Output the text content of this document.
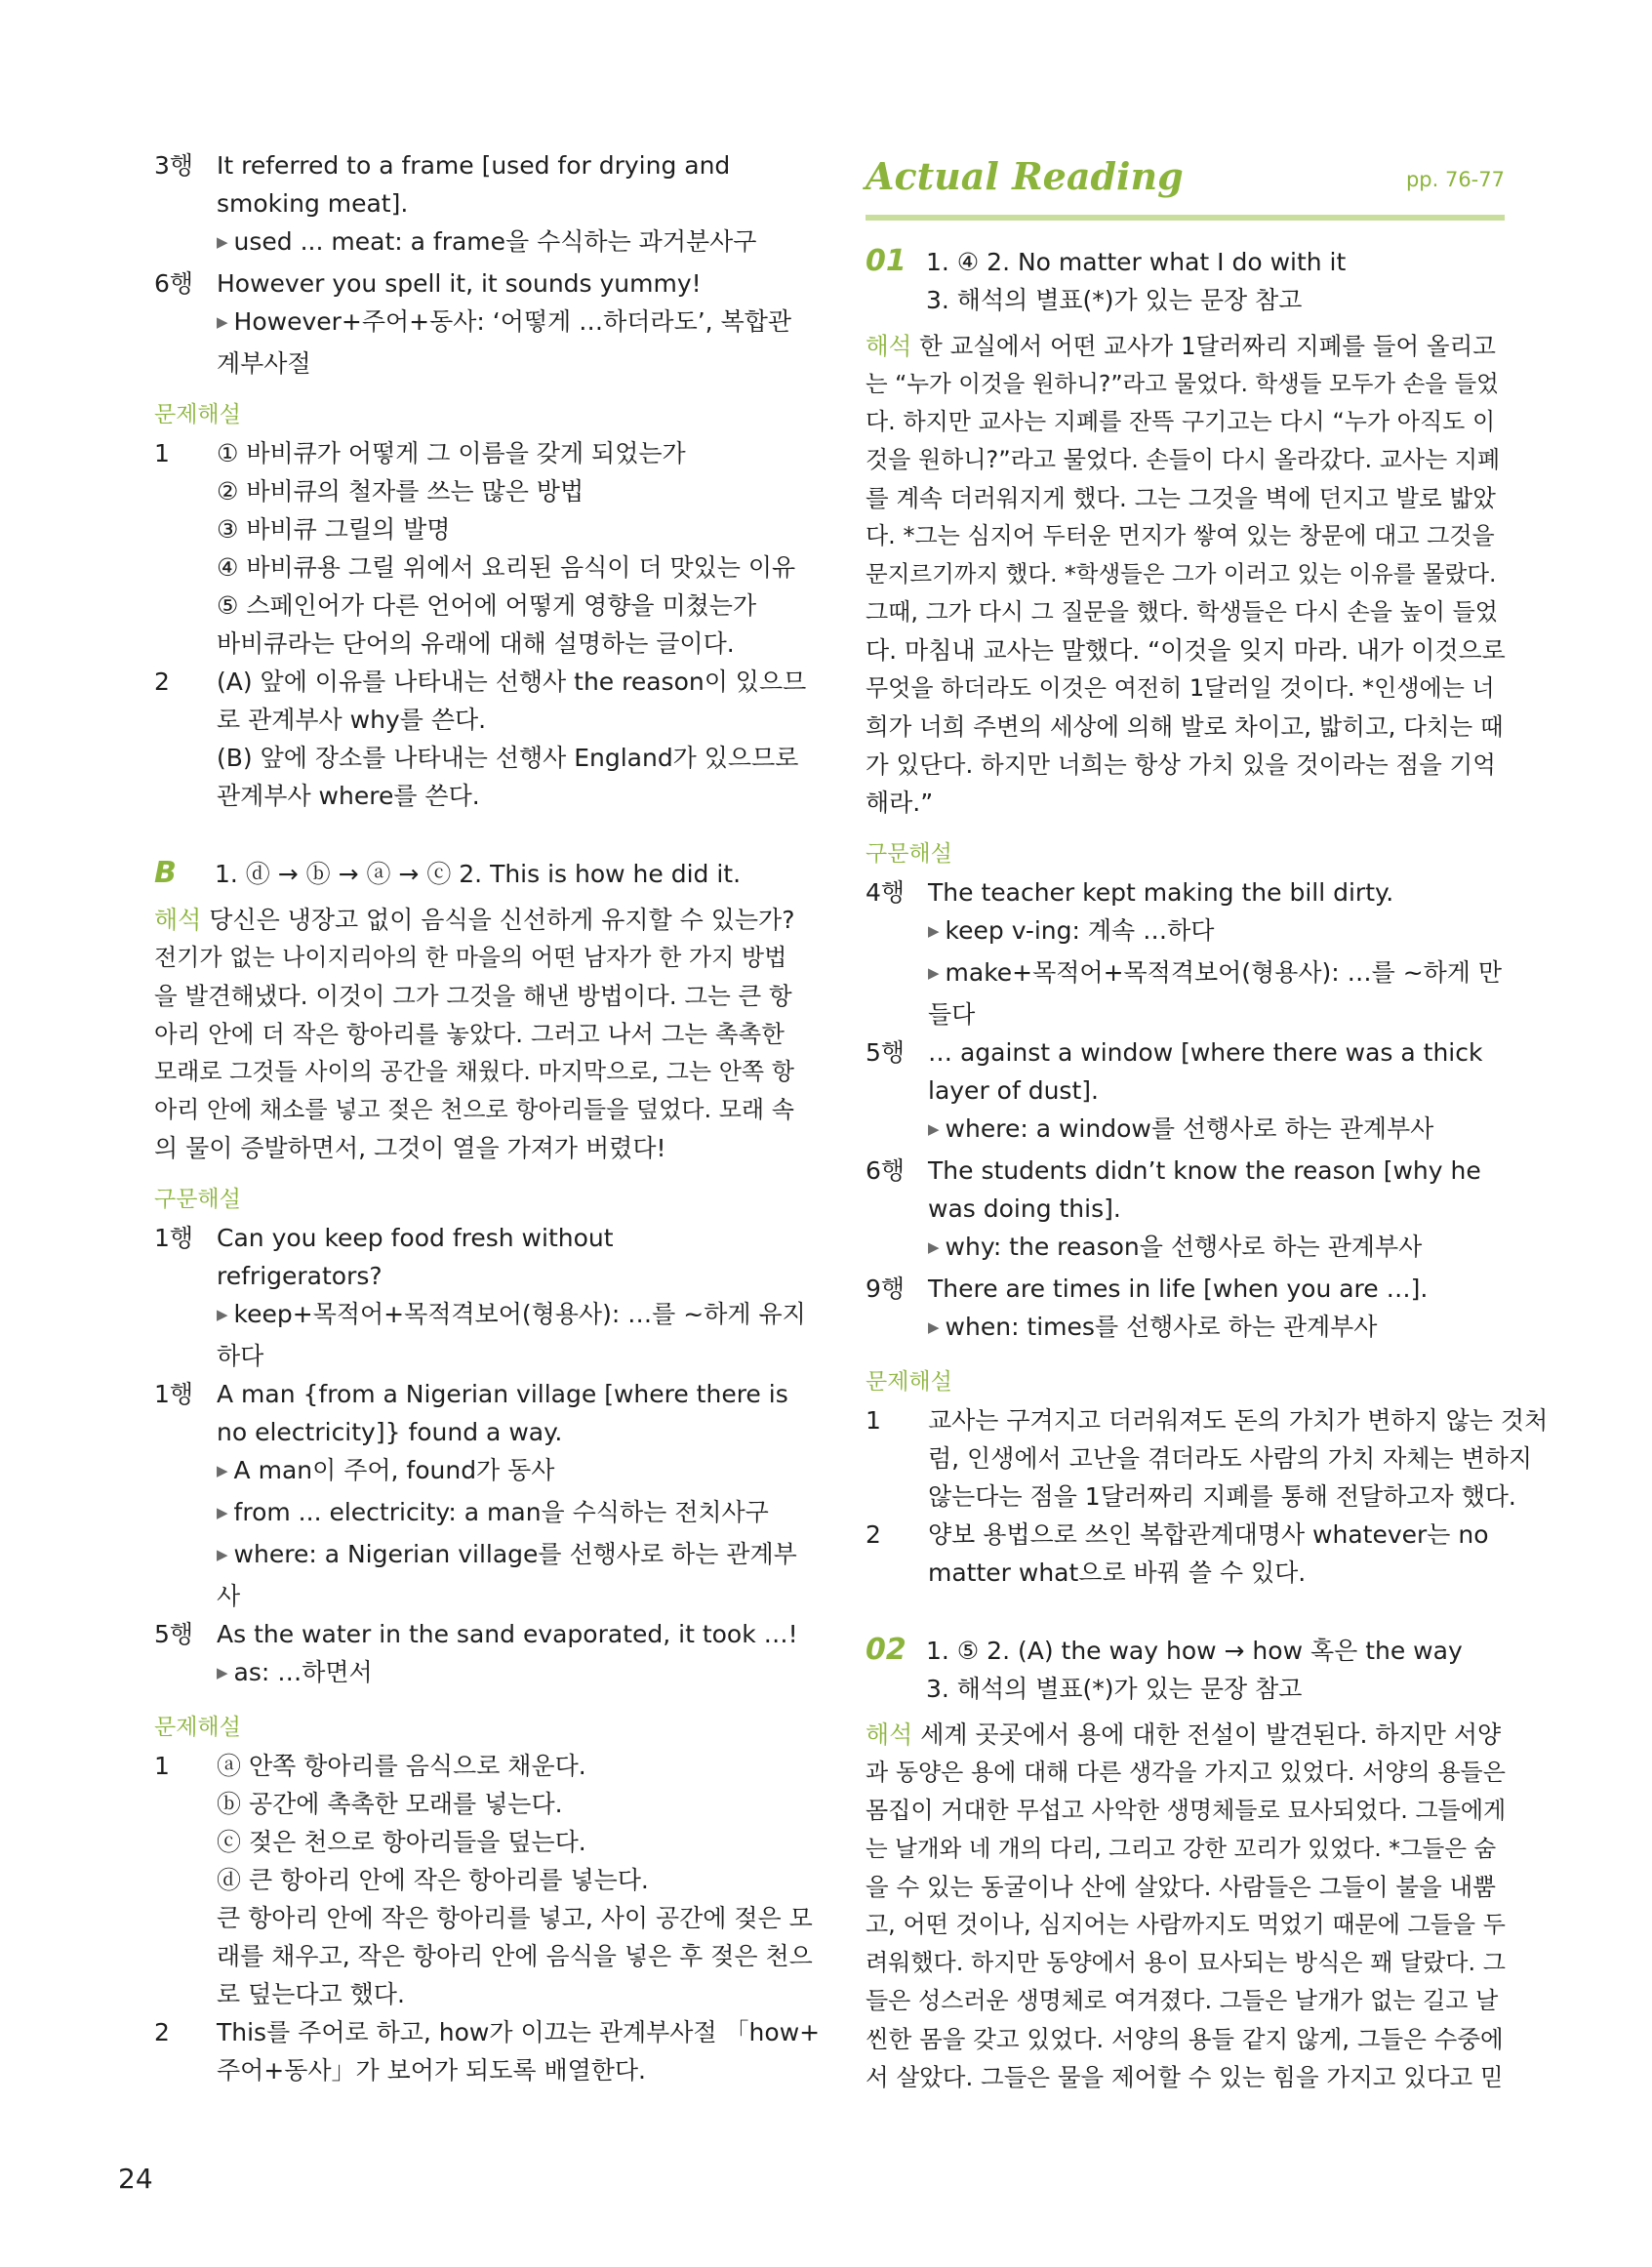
3행 It referred to a frame [used for drying and
smoking meat].
▶ used ... meat: a frame을 수식하는 과거분사구
6행 However you spell it, it sounds yummy!
▶ However+주어+동사: ‘어떻게 …하더라도’, 복합관
계부사절
문제해설
1	① 바비큐가 어떻게 그 이름을 갖게 되었는가
② 바비큐의 철자를 쓰는 많은 방법
③ 바비큐 그릴의 발명
④ 바비큐용 그릴 위에서 요리된 음식이 더 맛있는 이유
⑤ 스페인어가 다른 언어에 어떻게 영향을 미쳤는가
바비큐라는 단어의 유래에 대해 설명하는 글이다.
2	(A) 앞에 이유를 나타내는 선행사 the reason이 있으므
로 관계부사 why를 쓴다.
(B) 앞에 장소를 나타내는 선행사 England가 있으므로
관계부사 where를 쓴다.
B 1. ⓓ → ⓑ → ⓐ → ⓒ 2. This is how he did it.
해석 당신은 냉장고 없이 음식을 신선하게 유지할 수 있는가?
전기가 없는 나이지리아의 한 마을의 어떤 남자가 한 가지 방법
을 발견해냈다. 이것이 그가 그것을 해낸 방법이다. 그는 큰 항
아리 안에 더 작은 항아리를 놓았다. 그러고 나서 그는 촉촉한
모래로 그것들 사이의 공간을 채웠다. 마지막으로, 그는 안쪽 항
아리 안에 채소를 넣고 젖은 천으로 항아리들을 덮었다. 모래 속
의 물이 증발하면서, 그것이 열을 가져가 버렸다!
구문해설
1행 Can you keep food fresh without
refrigerators?
▶ keep+목적어+목적격보어(형용사): …를 ~하게 유지
하다
1행 A man {from a Nigerian village [where there is
no electricity]} found a way.
▶ A man이 주어, found가 동사
▶ from ... electricity: a man을 수식하는 전치사구
▶ where: a Nigerian village를 선행사로 하는 관계부
사
5행 As the water in the sand evaporated, it took …!
▶ as: …하면서
문제해설
1	ⓐ 안쪽 항아리를 음식으로 채운다.
ⓑ 공간에 촉촉한 모래를 넣는다.
ⓒ 젖은 천으로 항아리들을 덮는다.
ⓓ 큰 항아리 안에 작은 항아리를 넣는다.
큰 항아리 안에 작은 항아리를 넣고, 사이 공간에 젖은 모
래를 채우고, 작은 항아리 안에 음식을 넣은 후 젖은 천으
로 덮는다고 했다.
2	This를 주어로 하고, how가 이끄는 관계부사절 「how+
주어+동사」가 보어가 되도록 배열한다.
Actual Reading	pp. 76-77
01 1. ④ 2. No matter what I do with it
3. 해석의 별표(*)가 있는 문장 참고
해석 한 교실에서 어떤 교사가 1달러짜리 지폐를 들어 올리고
는 “누가 이것을 원하니?”라고 물었다. 학생들 모두가 손을 들었
다. 하지만 교사는 지폐를 잔뜩 구기고는 다시 “누가 아직도 이
것을 원하니?”라고 물었다. 손들이 다시 올라갔다. 교사는 지폐
를 계속 더러워지게 했다. 그는 그것을 벽에 던지고 발로 밟았
다. *그는 심지어 두터운 먼지가 쌓여 있는 창문에 대고 그것을
문지르기까지 했다. *학생들은 그가 이러고 있는 이유를 몰랐다.
그때, 그가 다시 그 질문을 했다. 학생들은 다시 손을 높이 들었
다. 마침내 교사는 말했다. “이것을 잊지 마라. 내가 이것으로
무엇을 하더라도 이것은 여전히 1달러일 것이다. *인생에는 너
희가 너희 주변의 세상에 의해 발로 차이고, 밟히고, 다치는 때
가 있단다. 하지만 너희는 항상 가치 있을 것이라는 점을 기억
해라.”
구문해설
4행 The teacher kept making the bill dirty.
▶ keep v-ing: 계속 …하다
▶ make+목적어+목적격보어(형용사): …를 ~하게 만
들다
5행 … against a window [where there was a thick
layer of dust].
▶ where: a window를 선행사로 하는 관계부사
6행 The students didn’t know the reason [why he
was doing this].
▶ why: the reason을 선행사로 하는 관계부사
9행 There are times in life [when you are …].
▶ when: times를 선행사로 하는 관계부사
문제해설
1	교사는 구겨지고 더러워져도 돈의 가치가 변하지 않는 것처
럼, 인생에서 고난을 겪더라도 사람의 가치 자체는 변하지
않는다는 점을 1달러짜리 지폐를 통해 전달하고자 했다.
2	양보 용법으로 쓰인 복합관계대명사 whatever는 no
matter what으로 바꿔 쓸 수 있다.
02 1. ⑤ 2. (A) the way how → how 혹은 the way
3. 해석의 별표(*)가 있는 문장 참고
해석 세계 곳곳에서 용에 대한 전설이 발견된다. 하지만 서양
과 동양은 용에 대해 다른 생각을 가지고 있었다. 서양의 용들은
몸집이 거대한 무섭고 사악한 생명체들로 묘사되었다. 그들에게
는 날개와 네 개의 다리, 그리고 강한 꼬리가 있었다. *그들은 숨
을 수 있는 동굴이나 산에 살았다. 사람들은 그들이 불을 내뿜
고, 어떤 것이나, 심지어는 사람까지도 먹었기 때문에 그들을 두
려워했다. 하지만 동양에서 용이 묘사되는 방식은 꽤 달랐다. 그
들은 성스러운 생명체로 여겨졌다. 그들은 날개가 없는 길고 날
씬한 몸을 갖고 있었다. 서양의 용들 같지 않게, 그들은 수중에
서 살았다. 그들은 물을 제어할 수 있는 힘을 가지고 있다고 믿
24
